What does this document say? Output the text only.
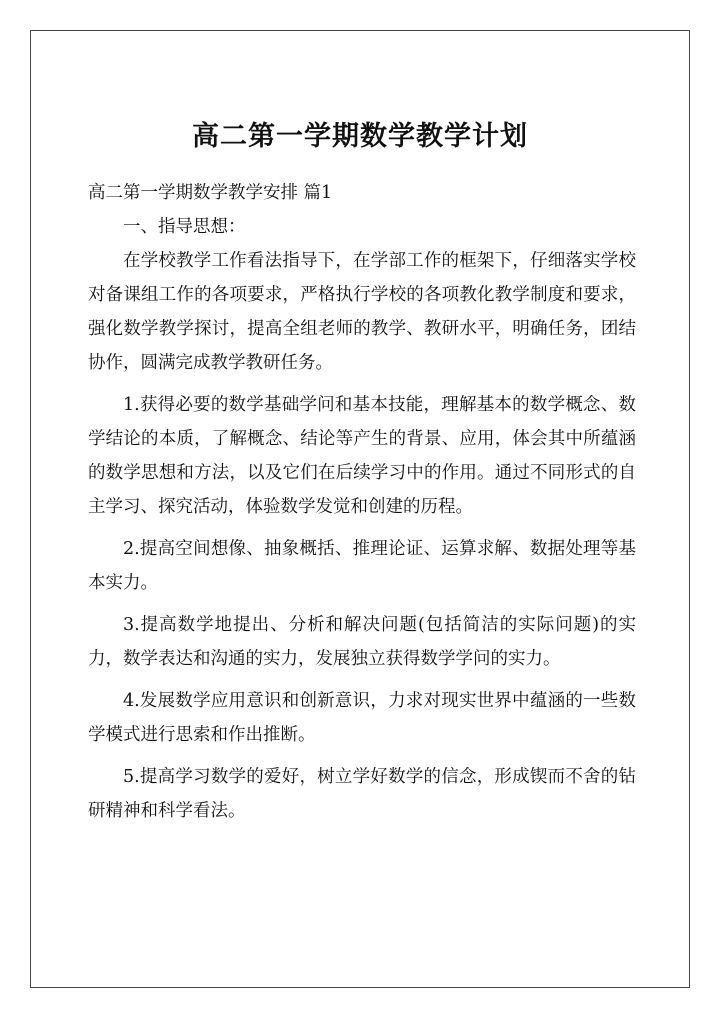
高二第一学期数学教学计划

高二第一学期数学教学安排 篇1

一、指导思想：

在学校教学工作看法指导下，在学部工作的框架下，仔细落实学校对备课组工作的各项要求，严格执行学校的各项教化教学制度和要求，强化数学教学探讨，提高全组老师的教学、教研水平，明确任务，团结协作，圆满完成教学教研任务。

1.获得必要的数学基础学问和基本技能，理解基本的数学概念、数学结论的本质，了解概念、结论等产生的背景、应用，体会其中所蕴涵的数学思想和方法，以及它们在后续学习中的作用。通过不同形式的自主学习、探究活动，体验数学发觉和创建的历程。

2.提高空间想像、抽象概括、推理论证、运算求解、数据处理等基本实力。

3.提高数学地提出、分析和解决问题(包括简洁的实际问题)的实力，数学表达和沟通的实力，发展独立获得数学学问的实力。

4.发展数学应用意识和创新意识，力求对现实世界中蕴涵的一些数学模式进行思索和作出推断。

5.提高学习数学的爱好，树立学好数学的信念，形成锲而不舍的钻研精神和科学看法。
